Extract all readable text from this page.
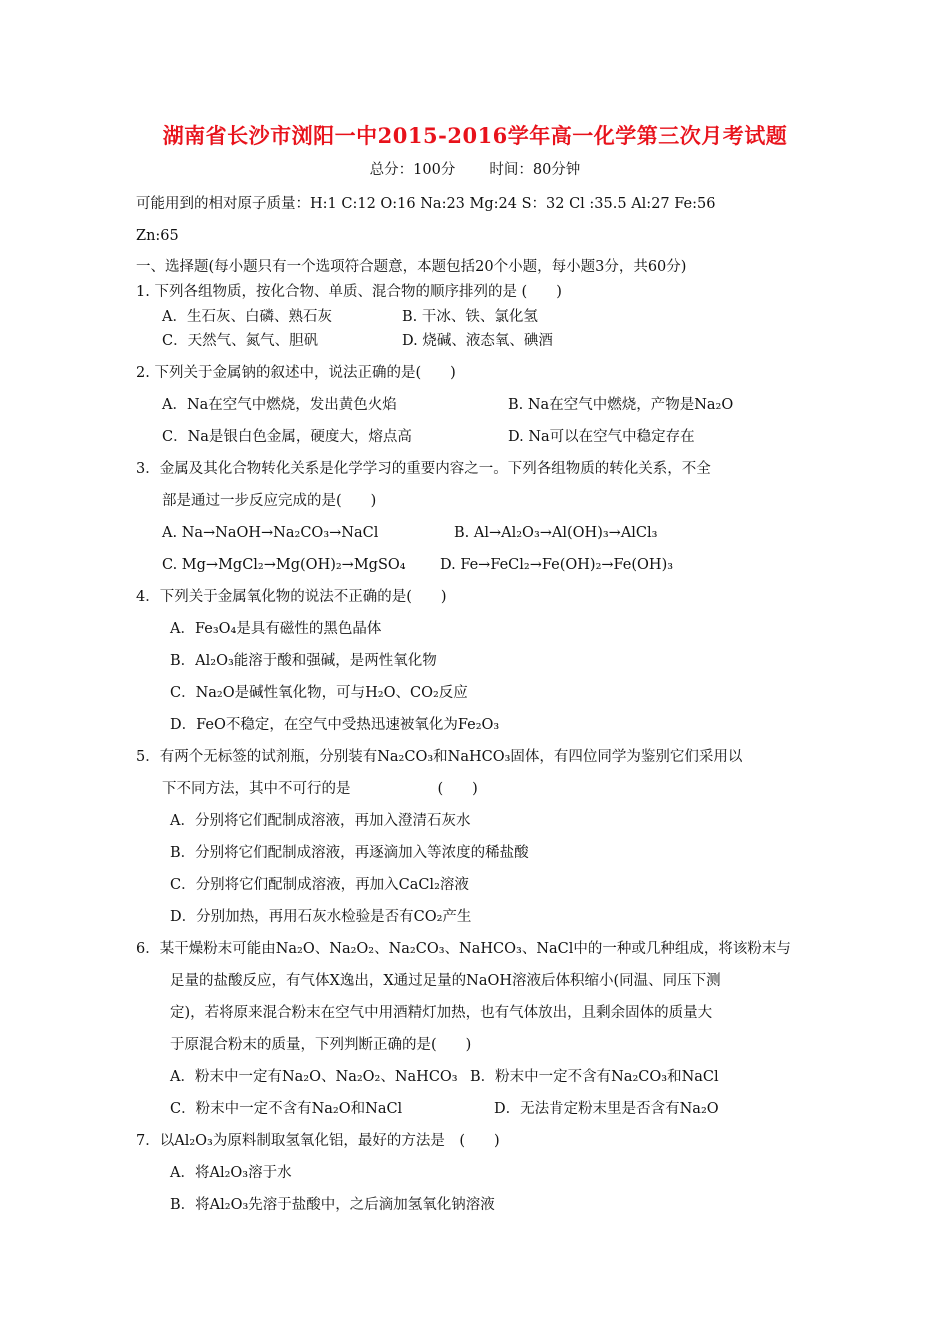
湖南省长沙市浏阳一中2015-2016学年高一化学第三次月考试题
总分：100分 时间：80分钟
可能用到的相对原子质量：H:1 C:12 O:16 Na:23 Mg:24 S：32 Cl :35.5 Al:27 Fe:56
Zn:65
一、选择题(每小题只有一个选项符合题意，本题包括20个小题，每小题3分，共60分)
1. 下列各组物质，按化合物、单质、混合物的顺序排列的是 (　　)
A．生石灰、白磷、熟石灰	B. 干冰、铁、氯化氢
C．天然气、氮气、胆矾	D. 烧碱、液态氧、碘酒
2. 下列关于金属钠的叙述中，说法正确的是(　　)
A．Na在空气中燃烧，发出黄色火焰	B. Na在空气中燃烧，产物是Na₂O
C．Na是银白色金属，硬度大，熔点高	D. Na可以在空气中稳定存在
3．金属及其化合物转化关系是化学学习的重要内容之一。下列各组物质的转化关系，不全
部是通过一步反应完成的是(　　)
A. Na→NaOH→Na₂CO₃→NaCl	B. Al→Al₂O₃→Al(OH)₃→AlCl₃
C. Mg→MgCl₂→Mg(OH)₂→MgSO₄ D. Fe→FeCl₂→Fe(OH)₂→Fe(OH)₃
4．下列关于金属氧化物的说法不正确的是(　　)
A．Fe₃O₄是具有磁性的黑色晶体
B．Al₂O₃能溶于酸和强碱，是两性氧化物
C．Na₂O是碱性氧化物，可与H₂O、CO₂反应
D．FeO不稳定，在空气中受热迅速被氧化为Fe₂O₃
5．有两个无标签的试剂瓶，分别装有Na₂CO₃和NaHCO₃固体，有四位同学为鉴别它们采用以
下不同方法，其中不可行的是　　　　　　(　　)
A．分别将它们配制成溶液，再加入澄清石灰水
B．分别将它们配制成溶液，再逐滴加入等浓度的稀盐酸
C．分别将它们配制成溶液，再加入CaCl₂溶液
D．分别加热，再用石灰水检验是否有CO₂产生
6．某干燥粉末可能由Na₂O、Na₂O₂、Na₂CO₃、NaHCO₃、NaCl中的一种或几种组成，将该粉末与
足量的盐酸反应，有气体X逸出，X通过足量的NaOH溶液后体积缩小(同温、同压下测
定)，若将原来混合粉末在空气中用酒精灯加热，也有气体放出，且剩余固体的质量大
于原混合粉末的质量，下列判断正确的是(　　)
A．粉末中一定有Na₂O、Na₂O₂、NaHCO₃ B．粉末中一定不含有Na₂CO₃和NaCl
C．粉末中一定不含有Na₂O和NaCl	D．无法肯定粉末里是否含有Na₂O
7．以Al₂O₃为原料制取氢氧化铝，最好的方法是　(　　)
A．将Al₂O₃溶于水
B．将Al₂O₃先溶于盐酸中，之后滴加氢氧化钠溶液
